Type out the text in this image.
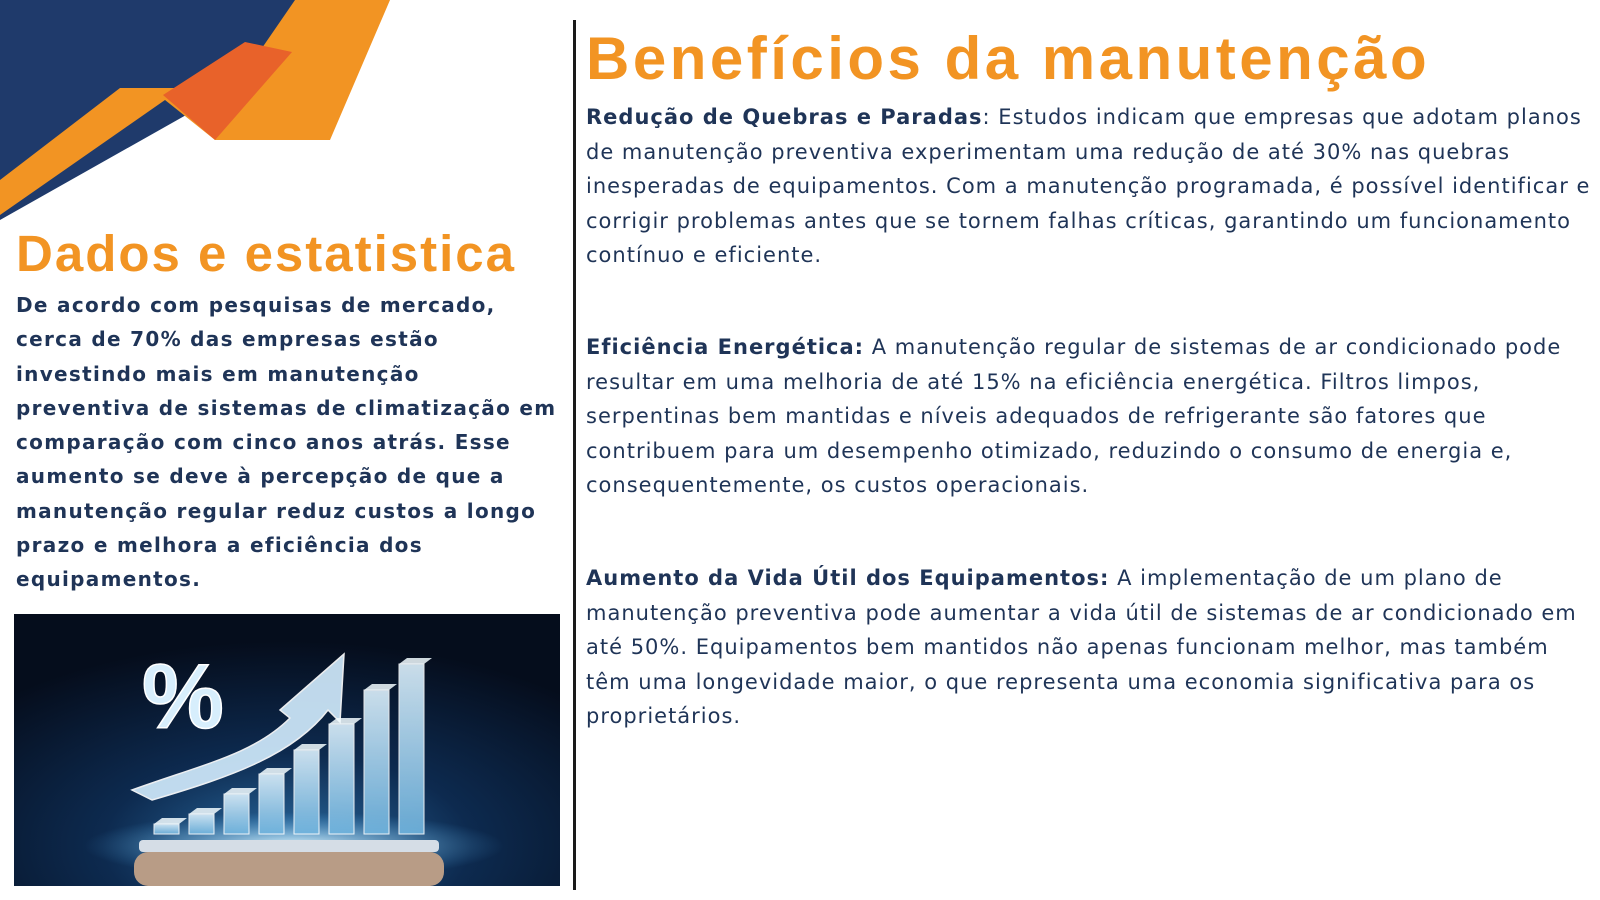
Dados e estatistica

De acordo com pesquisas de mercado, cerca de 70% das empresas estão investindo mais em manutenção preventiva de sistemas de climatização em comparação com cinco anos atrás. Esse aumento se deve à percepção de que a manutenção regular reduz custos a longo prazo e melhora a eficiência dos equipamentos.

%
Benefícios da manutenção

Redução de Quebras e Paradas: Estudos indicam que empresas que adotam planos de manutenção preventiva experimentam uma redução de até 30% nas quebras inesperadas de equipamentos. Com a manutenção programada, é possível identificar e corrigir problemas antes que se tornem falhas críticas, garantindo um funcionamento contínuo e eficiente.

Eficiência Energética: A manutenção regular de sistemas de ar condicionado pode resultar em uma melhoria de até 15% na eficiência energética. Filtros limpos, serpentinas bem mantidas e níveis adequados de refrigerante são fatores que contribuem para um desempenho otimizado, reduzindo o consumo de energia e, consequentemente, os custos operacionais.

Aumento da Vida Útil dos Equipamentos: A implementação de um plano de manutenção preventiva pode aumentar a vida útil de sistemas de ar condicionado em até 50%. Equipamentos bem mantidos não apenas funcionam melhor, mas também têm uma longevidade maior, o que representa uma economia significativa para os proprietários.
